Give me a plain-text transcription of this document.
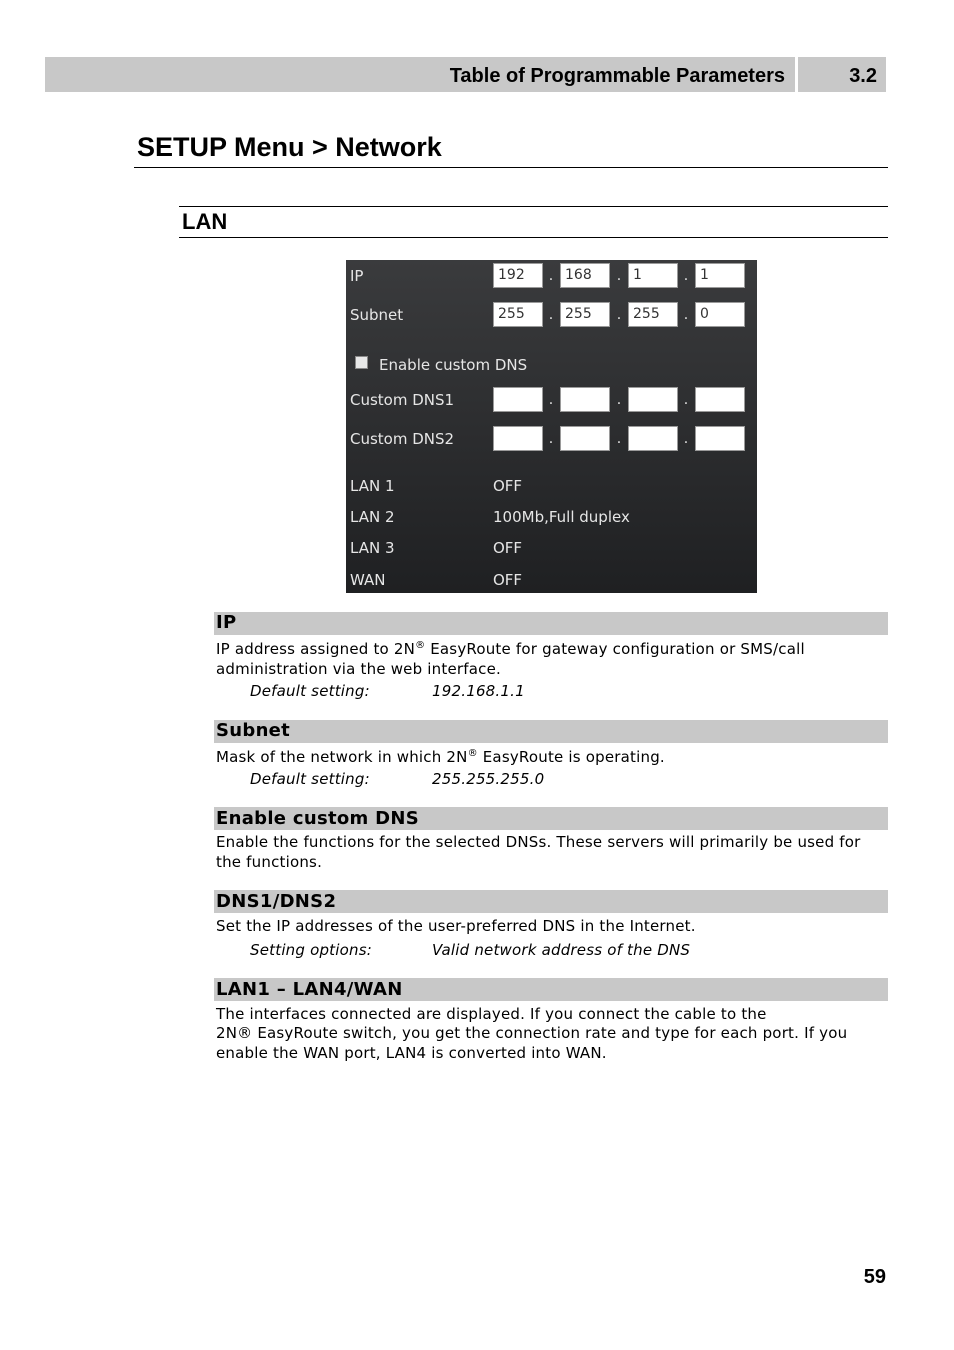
Table of Programmable Parameters	3.2
SETUP Menu > Network
LAN
IP	192	. 168	. 1	. 1
Subnet	255	. 255	. 255	. 0
Enable custom DNS
Custom DNS1	.	.	.
Custom DNS2	.	.	.
LAN 1	OFF
LAN 2	100Mb,Full duplex
LAN 3	OFF
WAN	OFF
IP
IP address assigned to 2N® EasyRoute for gateway configuration or SMS/call administration via the web interface.
Default setting:	192.168.1.1
Subnet
Mask of the network in which 2N® EasyRoute is operating.
Default setting:	255.255.255.0
Enable custom DNS
Enable the functions for the selected DNSs. These servers will primarily be used for the functions.
DNS1/DNS2
Set the IP addresses of the user-preferred DNS in the Internet.
Setting options:	Valid network address of the DNS
LAN1 – LAN4/WAN
The interfaces connected are displayed. If you connect the cable to the
2N® EasyRoute switch, you get the connection rate and type for each port. If you enable the WAN port, LAN4 is converted into WAN.
59
